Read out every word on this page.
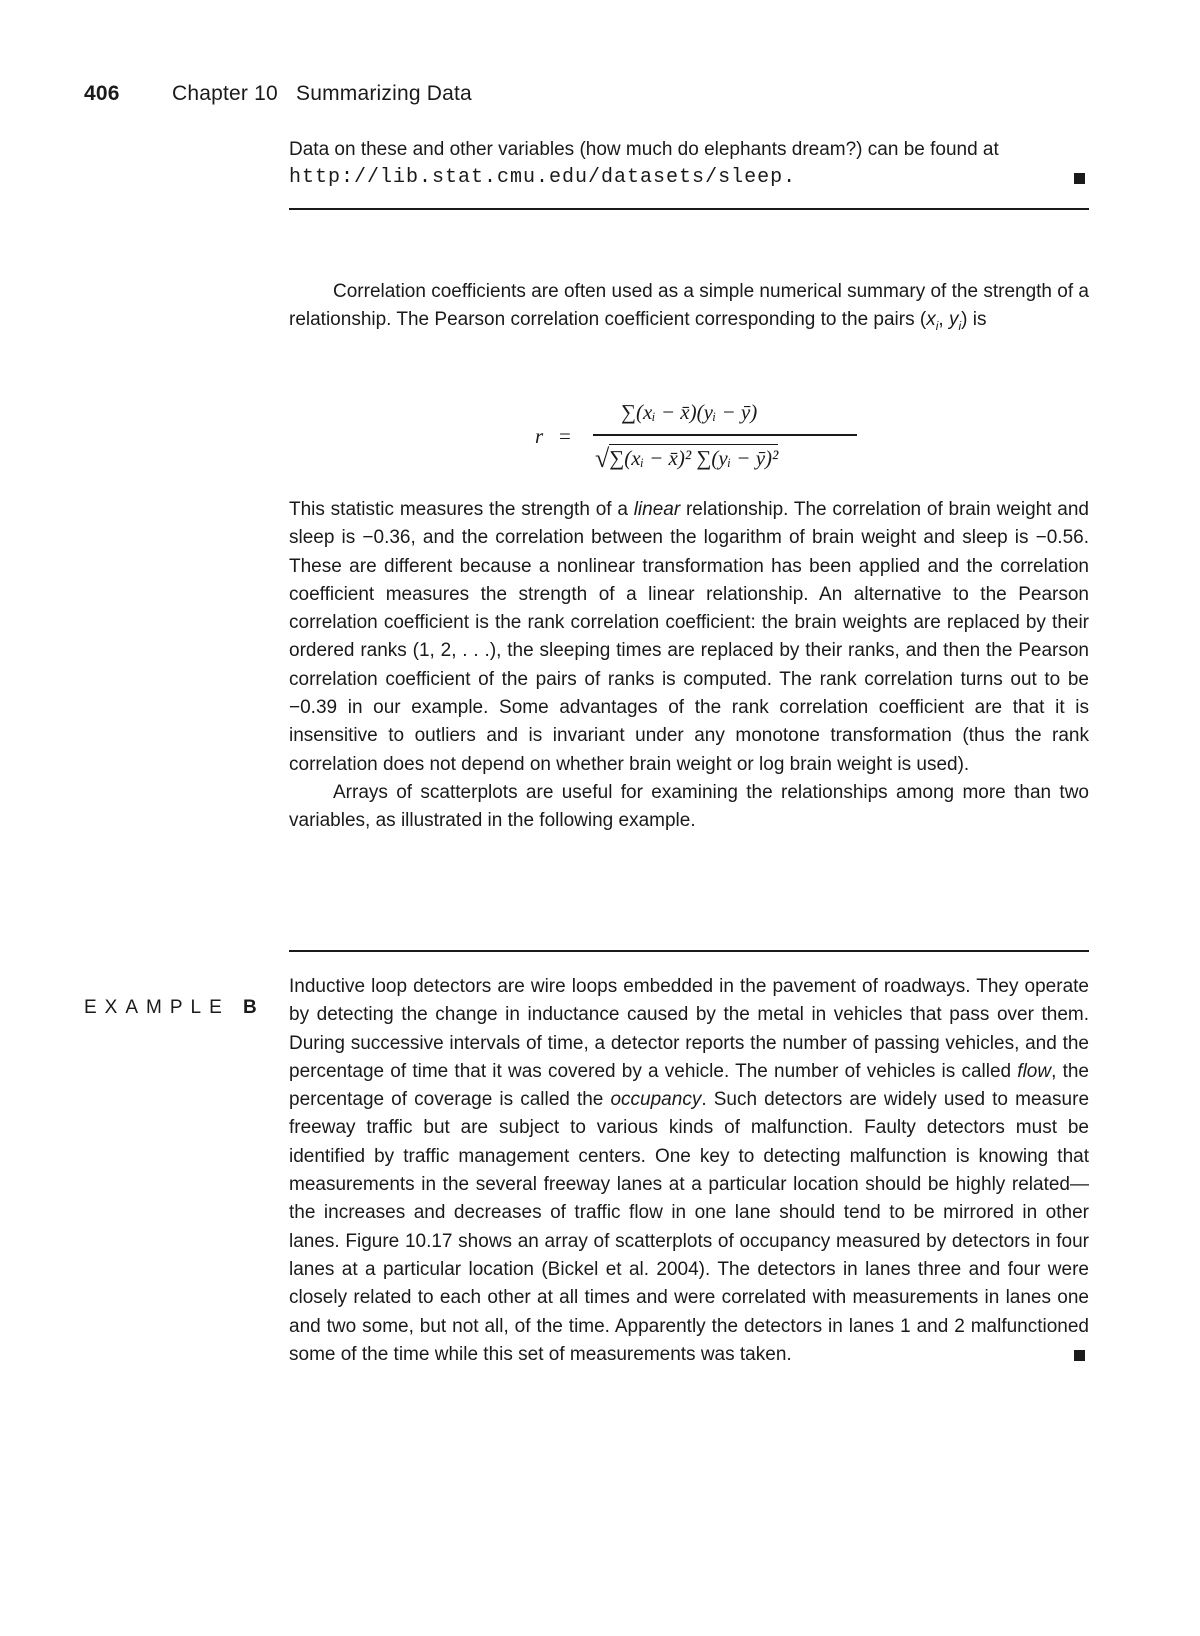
406 Chapter 10   Summarizing Data
Data on these and other variables (how much do elephants dream?) can be found at
http://lib.stat.cmu.edu/datasets/sleep.
Correlation coefficients are often used as a simple numerical summary of the strength of a relationship. The Pearson correlation coefficient corresponding to the pairs ($x_i$, $y_i$) is
r =
∑(xᵢ − x̄)(yᵢ − ȳ)
√∑(xᵢ − x̄)² ∑(yᵢ − ȳ)²
This statistic measures the strength of a linear relationship. The correlation of brain weight and sleep is −0.36, and the correlation between the logarithm of brain weight and sleep is −0.56. These are different because a nonlinear transformation has been applied and the correlation coefficient measures the strength of a linear relationship. An alternative to the Pearson correlation coefficient is the rank correlation coefficient: the brain weights are replaced by their ordered ranks (1, 2, . . .), the sleeping times are replaced by their ranks, and then the Pearson correlation coefficient of the pairs of ranks is computed. The rank correlation turns out to be −0.39 in our example. Some advantages of the rank correlation coefficient are that it is insensitive to outliers and is invariant under any monotone transformation (thus the rank correlation does not depend on whether brain weight or log brain weight is used).
Arrays of scatterplots are useful for examining the relationships among more than two variables, as illustrated in the following example.
EXAMPLE B
Inductive loop detectors are wire loops embedded in the pavement of roadways. They operate by detecting the change in inductance caused by the metal in vehicles that pass over them. During successive intervals of time, a detector reports the number of passing vehicles, and the percentage of time that it was covered by a vehicle. The number of vehicles is called flow, the percentage of coverage is called the occupancy. Such detectors are widely used to measure freeway traffic but are subject to various kinds of malfunction. Faulty detectors must be identified by traffic management centers. One key to detecting malfunction is knowing that measurements in the several freeway lanes at a particular location should be highly related—the increases and decreases of traffic flow in one lane should tend to be mirrored in other lanes. Figure 10.17 shows an array of scatterplots of occupancy measured by detectors in four lanes at a particular location (Bickel et al. 2004). The detectors in lanes three and four were closely related to each other at all times and were correlated with measurements in lanes one and two some, but not all, of the time. Apparently the detectors in lanes 1 and 2 malfunctioned some of the time while this set of measurements was taken.
